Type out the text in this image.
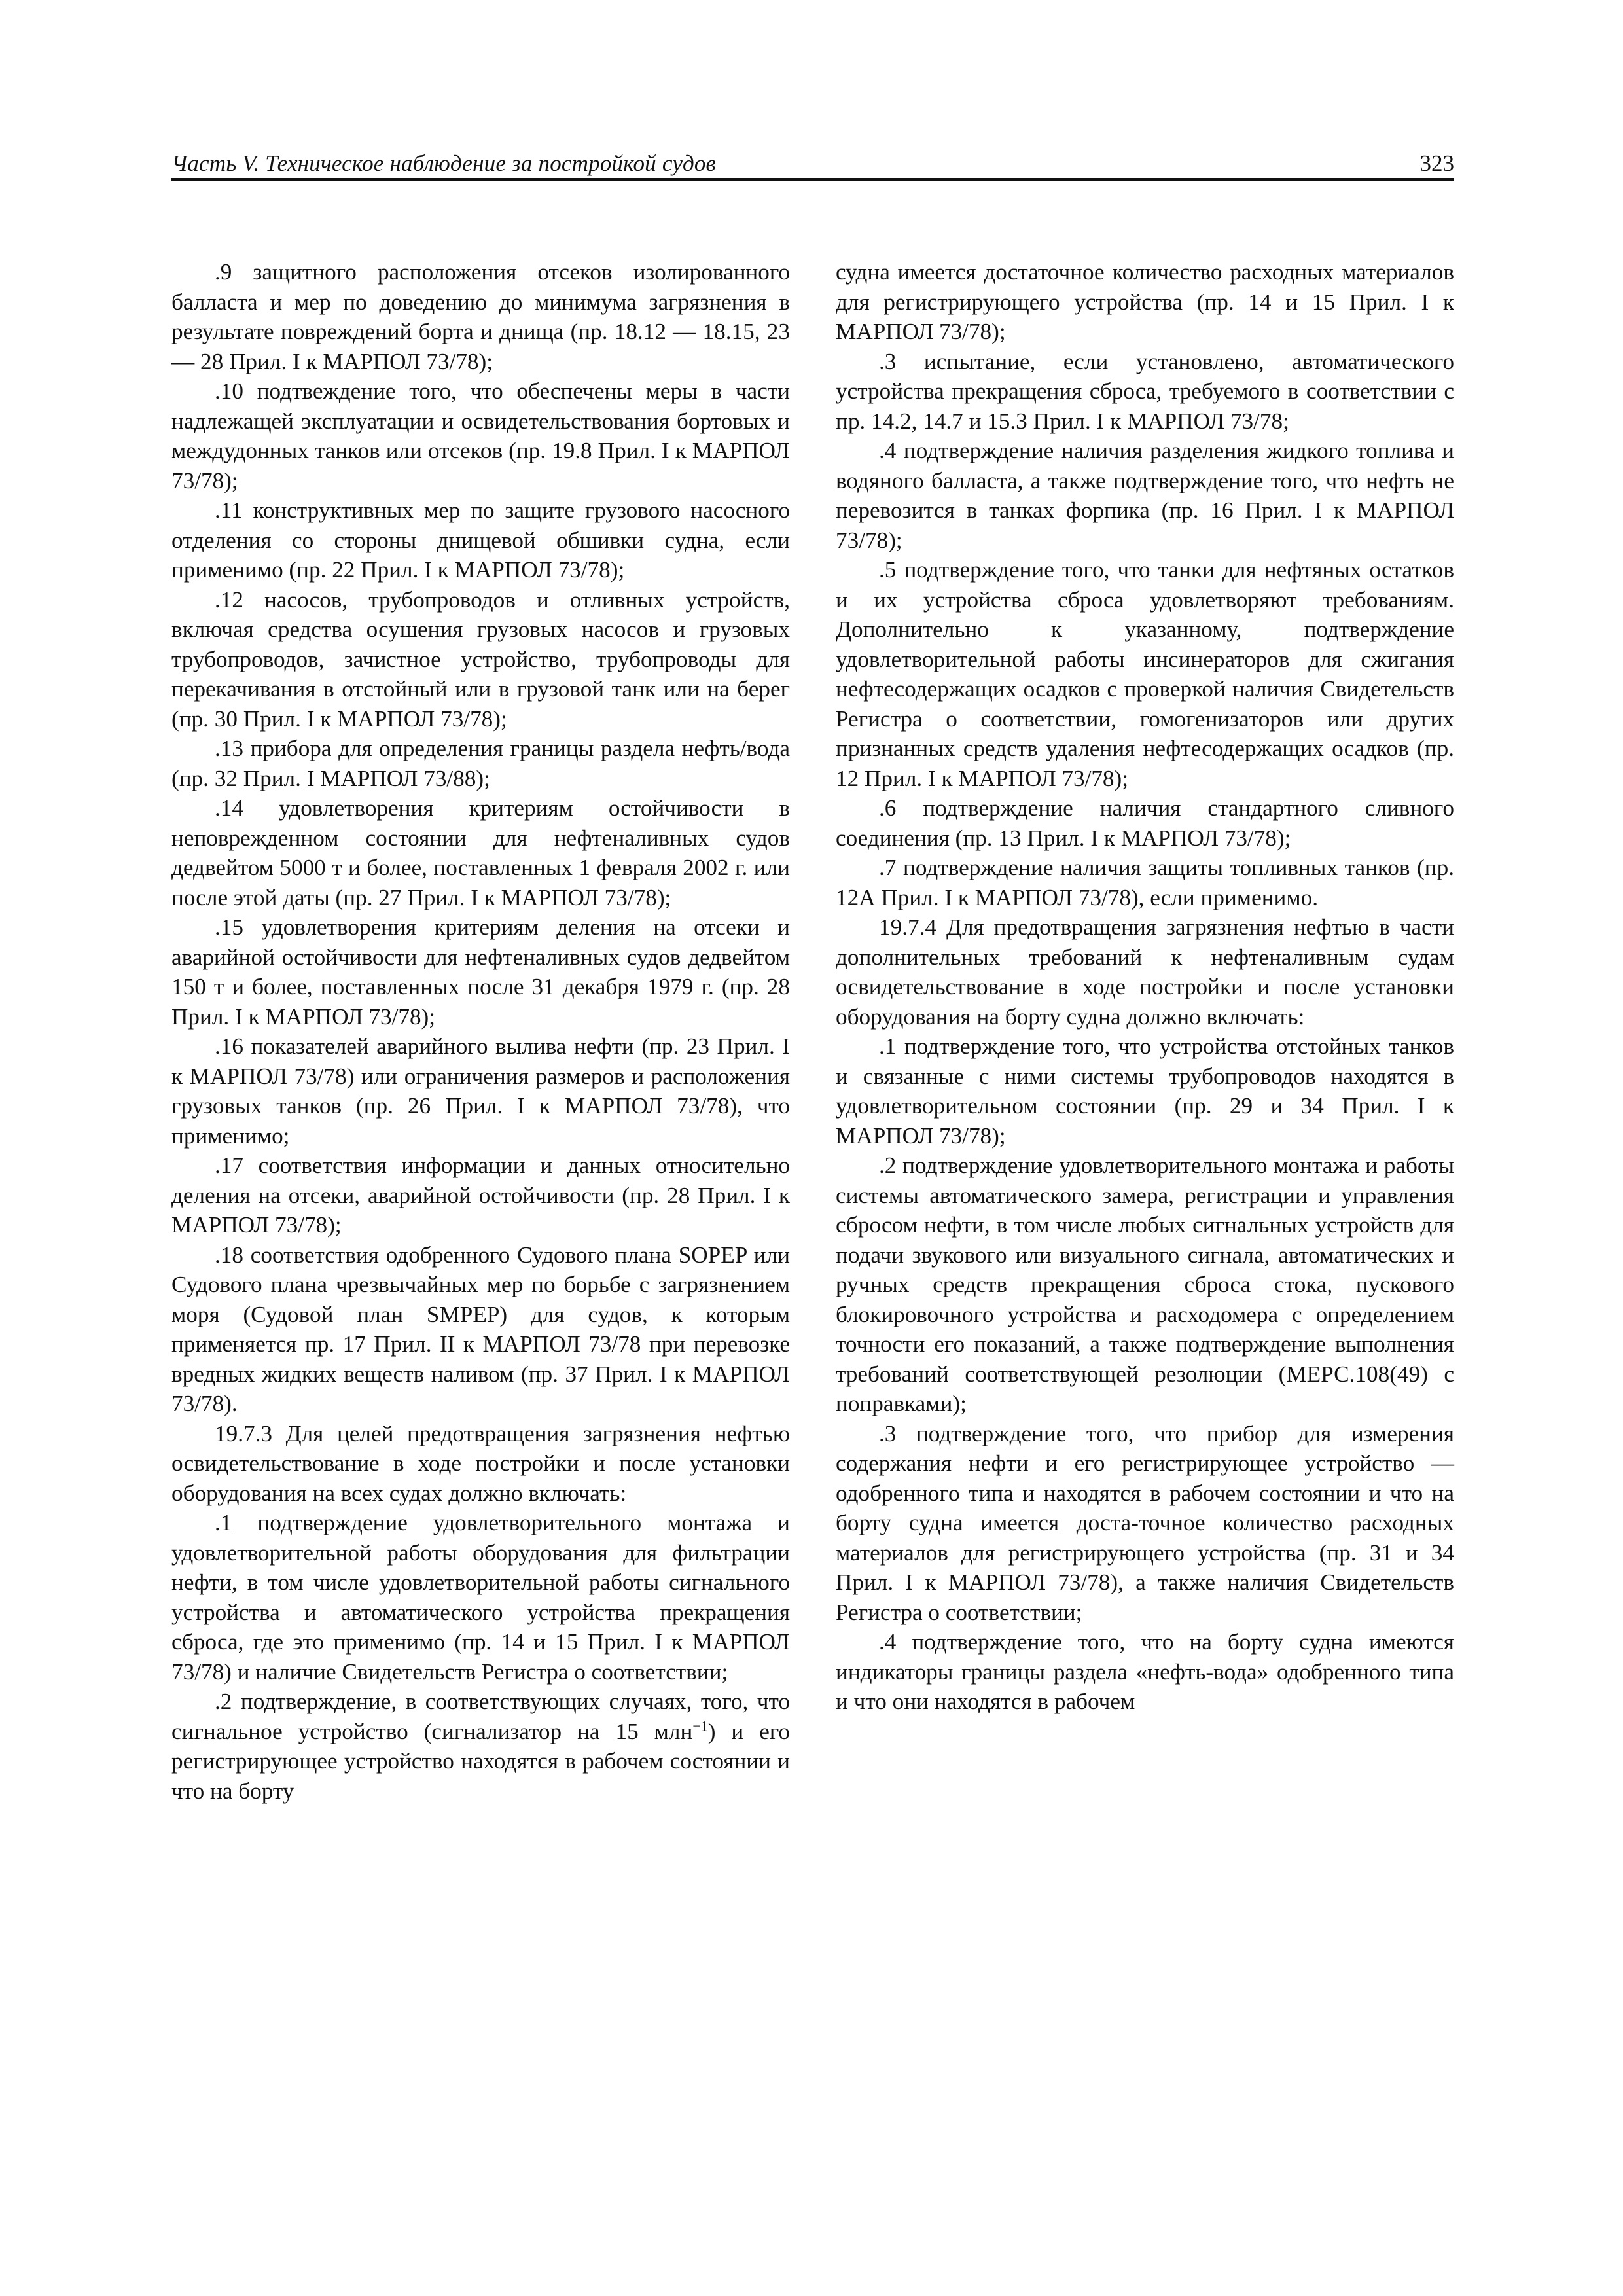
Часть V. Техническое наблюдение за постройкой судов	323

.9 защитного расположения отсеков изолированного балласта и мер по доведению до минимума загрязнения в результате повреждений борта и днища (пр. 18.12 — 18.15, 23 — 28 Прил. I к МАРПОЛ 73/78);

.10 подтвеждение того, что обеспечены меры в части надлежащей эксплуатации и освидетельствования бортовых и междудонных танков или отсеков (пр. 19.8 Прил. I к МАРПОЛ 73/78);

.11 конструктивных мер по защите грузового насосного отделения со стороны днищевой обшивки судна, если применимо (пр. 22 Прил. I к МАРПОЛ 73/78);

.12 насосов, трубопроводов и отливных устройств, включая средства осушения грузовых насосов и грузовых трубопроводов, зачистное устройство, трубопроводы для перекачивания в отстойный или в грузовой танк или на берег (пр. 30 Прил. I к МАРПОЛ 73/78);

.13 прибора для определения границы раздела нефть/вода (пр. 32 Прил. I МАРПОЛ 73/88);

.14 удовлетворения критериям остойчивости в неповрежденном состоянии для нефтеналивных судов дедвейтом 5000 т и более, поставленных 1 февраля 2002 г. или после этой даты (пр. 27 Прил. I к МАРПОЛ 73/78);

.15 удовлетворения критериям деления на отсеки и аварийной остойчивости для нефтеналивных судов дедвейтом 150 т и более, поставленных после 31 декабря 1979 г. (пр. 28 Прил. I к МАРПОЛ 73/78);

.16 показателей аварийного вылива нефти (пр. 23 Прил. I к МАРПОЛ 73/78) или ограничения размеров и расположения грузовых танков (пр. 26 Прил. I к МАРПОЛ 73/78), что применимо;

.17 соответствия информации и данных относительно деления на отсеки, аварийной остойчивости (пр. 28 Прил. I к МАРПОЛ 73/78);

.18 соответствия одобренного Судового плана SOPEP или Судового плана чрезвычайных мер по борьбе с загрязнением моря (Судовой план SMPEP) для судов, к которым применяется пр. 17 Прил. II к МАРПОЛ 73/78 при перевозке вредных жидких веществ наливом (пр. 37 Прил. I к МАРПОЛ 73/78).

19.7.3 Для целей предотвращения загрязнения нефтью освидетельствование в ходе постройки и после установки оборудования на всех судах должно включать:

.1 подтверждение удовлетворительного монтажа и удовлетворительной работы оборудования для фильтрации нефти, в том числе удовлетворительной работы сигнального устройства и автоматического устройства прекращения сброса, где это применимо (пр. 14 и 15 Прил. I к МАРПОЛ 73/78) и наличие Свидетельств Регистра о соответствии;

.2 подтверждение, в соответствующих случаях, того, что сигнальное устройство (сигнализатор на 15 млн$^{-1}$) и его регистрирующее устройство находятся в рабочем состоянии и что на борту

судна имеется достаточное количество расходных материалов для регистрирующего устройства (пр. 14 и 15 Прил. I к МАРПОЛ 73/78);

.3 испытание, если установлено, автоматического устройства прекращения сброса, требуемого в соответствии с пр. 14.2, 14.7 и 15.3 Прил. I к МАРПОЛ 73/78;

.4 подтверждение наличия разделения жидкого топлива и водяного балласта, а также подтверждение того, что нефть не перевозится в танках форпика (пр. 16 Прил. I к МАРПОЛ 73/78);

.5 подтверждение того, что танки для нефтяных остатков и их устройства сброса удовлетворяют требованиям. Дополнительно к указанному, подтверждение удовлетворительной работы инсинераторов для сжигания нефтесодержащих осадков с проверкой наличия Свидетельств Регистра о соответствии, гомогенизаторов или других признанных средств удаления нефтесодержащих осадков (пр. 12 Прил. I к МАРПОЛ 73/78);

.6 подтверждение наличия стандартного сливного соединения (пр. 13 Прил. I к МАРПОЛ 73/78);

.7 подтверждение наличия защиты топливных танков (пр. 12А Прил. I к МАРПОЛ 73/78), если применимо.

19.7.4 Для предотвращения загрязнения нефтью в части дополнительных требований к нефтеналивным судам освидетельствование в ходе постройки и после установки оборудования на борту судна должно включать:

.1 подтверждение того, что устройства отстойных танков и связанные с ними системы трубопроводов находятся в удовлетворительном состоянии (пр. 29 и 34 Прил. I к МАРПОЛ 73/78);

.2 подтверждение удовлетворительного монтажа и работы системы автоматического замера, регистрации и управления сбросом нефти, в том числе любых сигнальных устройств для подачи звукового или визуального сигнала, автоматических и ручных средств прекращения сброса стока, пускового блокировочного устройства и расходомера с определением точности его показаний, а также подтверждение выполнения требований соответствующей резолюции (МЕРС.108(49) с поправками);

.3 подтверждение того, что прибор для измерения содержания нефти и его регистрирующее устройство — одобренного типа и находятся в рабочем состоянии и что на борту судна имеется доста-точное количество расходных материалов для регистрирующего устройства (пр. 31 и 34 Прил. I к МАРПОЛ 73/78), а также наличия Свидетельств Регистра о соответствии;

.4 подтверждение того, что на борту судна имеются индикаторы границы раздела «нефть-вода» одобренного типа и что они находятся в рабочем
